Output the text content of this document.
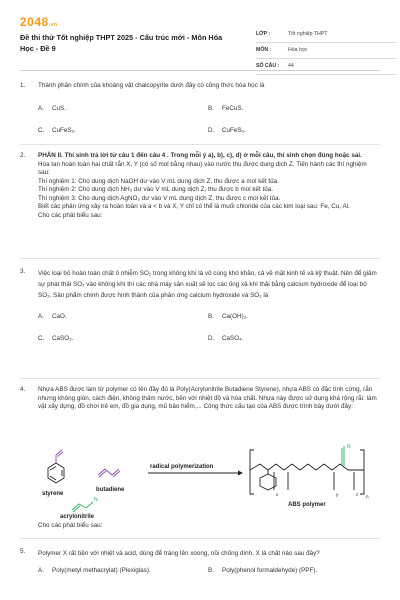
2048.vn
Đề thi thử Tốt nghiệp THPT 2025 - Cấu trúc mới - Môn Hóa Học - Đề 9
LỚP :	Tốt nghiệp THPT
MÔN :	Hóa học
SỐ CÂU :	44
1.	Thành phần chính của khoáng vật chalcopyrite dưới đây có công thức hóa học là
A. CuS.	B. FeCuS.
C. CuFeS₂.	D. CuFeS₃.
2.	PHẦN II. Thí sinh trả lời từ câu 1 đến câu 4 . Trong mỗi ý a), b), c), d) ở mỗi câu, thí sinh chọn đúng hoặc sai.
Hòa tan hoàn toàn hai chất rắn X, Y (có số mol bằng nhau) vào nước thu được dung dịch Z. Tiến hành các thí nghiệm sau:
Thí nghiệm 1: Cho dung dịch NaOH dư vào V mL dung dịch Z, thu được a mol kết tủa.
Thí nghiệm 2: Cho dung dịch NH₃ dư vào V mL dung dịch Z, thu được b mol kết tủa.
Thí nghiệm 3: Cho dung dịch AgNO₃ dư vào V mL dung dịch Z, thu được c mol kết tủa.
Biết các phản ứng xảy ra hoàn toàn và a < b và X, Y chỉ có thể là muối chloride của các kim loại sau: Fe, Cu, Al.
Cho các phát biểu sau:
3.	Việc loại bỏ hoàn toàn chất ô nhiễm SO₂ trong không khí là vô cùng khó khăn, cả về mặt kinh tế và kỹ thuật. Nên để giảm sự phát thải SO₂ vào không khí thì các nhà máy sản xuất sẽ lọc các ống xả khí thải bằng calcium hydroxide để loại bỏ SO₂. Sản phẩm chính được hình thành của phản ứng calcium hydroxide và SO₂ là
A. CaO.	B. Ca(OH)₂.
C. CaSO₃.	D. CaSO₄.
4.	Nhựa ABS được làm từ polymer có tên đầy đủ là Poly(Acrylonitrile Butadiene Styrene), nhựa ABS có đặc tính cứng, rắn nhưng không giòn, cách điện, không thấm nước, bền với nhiệt độ và hóa chất. Nhựa này được sử dụng khá rộng rãi: làm vật xây dựng, đồ chơi trẻ em, đồ gia dụng, mũ bảo hiểm,... Công thức cấu tạo của ABS được trình bày dưới đây:
styrene
butadiene
N
acrylonitrile
radical polymerization
N
x	y	z n
ABS polymer
Cho các phát biểu sau:
5.	Polymer X rất bền với nhiệt và acid, dùng để tráng lên xoong, nồi chống dính. X là chất nào sau đây?
A. Poly(metyl methacrylat) (Plexiglas).	B. Poly(phenol formaldehyde) (PPF).
